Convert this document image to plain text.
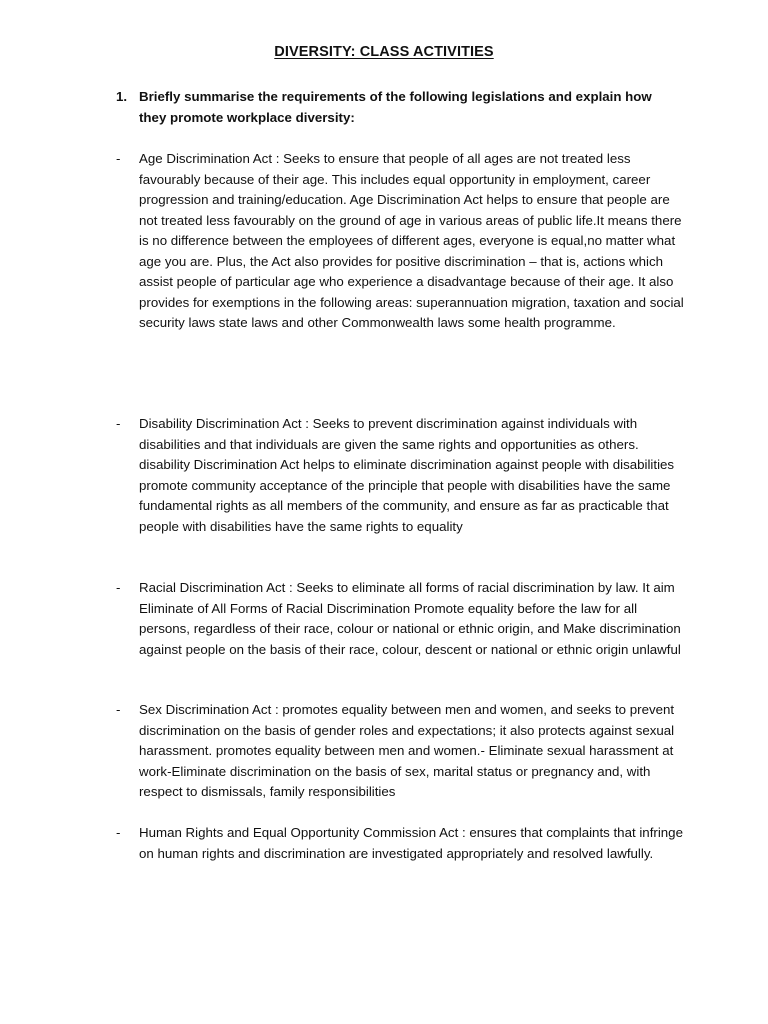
DIVERSITY: CLASS ACTIVITIES
1. Briefly summarise the requirements of the following legislations and explain how they promote workplace diversity:
- Age Discrimination Act : Seeks to ensure that people of all ages are not treated less favourably because of their age. This includes equal opportunity in employment, career progression and training/education. Age Discrimination Act helps to ensure that people are not treated less favourably on the ground of age in various areas of public life.It means there is no difference between the employees of different ages, everyone is equal,no matter what age you are. Plus, the Act also provides for positive discrimination – that is, actions which assist people of particular age who experience a disadvantage because of their age. It also provides for exemptions in the following areas: superannuation migration, taxation and social security laws state laws and other Commonwealth laws some health programme.
- Disability Discrimination Act : Seeks to prevent discrimination against individuals with disabilities and that individuals are given the same rights and opportunities as others. disability Discrimination Act helps to eliminate discrimination against people with disabilities promote community acceptance of the principle that people with disabilities have the same fundamental rights as all members of the community, and ensure as far as practicable that people with disabilities have the same rights to equality
- Racial Discrimination Act : Seeks to eliminate all forms of racial discrimination by law. It aim Eliminate of All Forms of Racial Discrimination Promote equality before the law for all persons, regardless of their race, colour or national or ethnic origin, and Make discrimination against people on the basis of their race, colour, descent or national or ethnic origin unlawful
- Sex Discrimination Act : promotes equality between men and women, and seeks to prevent discrimination on the basis of gender roles and expectations; it also protects against sexual harassment. promotes equality between men and women.- Eliminate sexual harassment at work-Eliminate discrimination on the basis of sex, marital status or pregnancy and, with respect to dismissals, family responsibilities
- Human Rights and Equal Opportunity Commission Act : ensures that complaints that infringe on human rights and discrimination are investigated appropriately and resolved lawfully.
